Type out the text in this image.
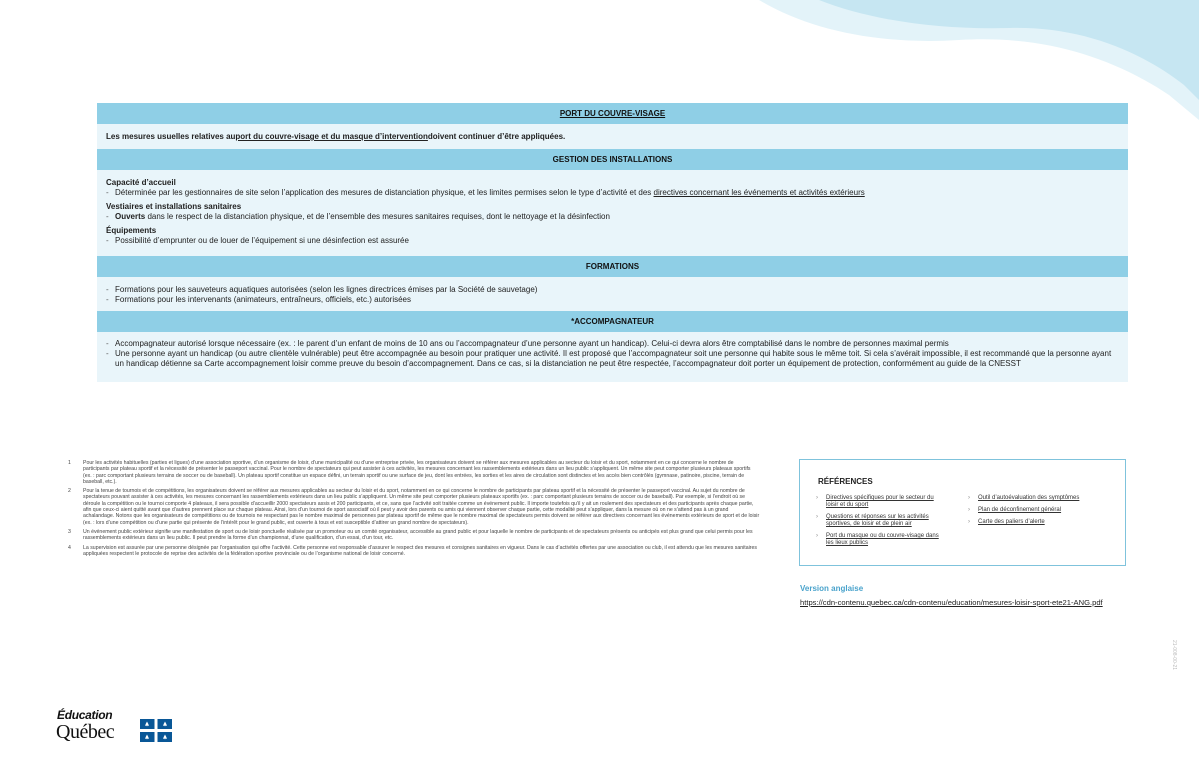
PORT DU COUVRE-VISAGE
Les mesures usuelles relatives au port du couvre-visage et du masque d’intervention doivent continuer d’être appliquées.
GESTION DES INSTALLATIONS

Capacité d’accueil

- Déterminée par les gestionnaires de site selon l’application des mesures de distanciation physique, et les limites permises selon le type d’activité et des directives concernant les événements et activités extérieurs

Vestiaires et installations sanitaires

- Ouverts dans le respect de la distanciation physique, et de l’ensemble des mesures sanitaires requises, dont le nettoyage et la désinfection

Équipements

- Possibilité d’emprunter ou de louer de l’équipement si une désinfection est assurée
FORMATIONS
- Formations pour les sauveteurs aquatiques autorisées (selon les lignes directrices émises par la Société de sauvetage)
- Formations pour les intervenants (animateurs, entraîneurs, officiels, etc.) autorisées
*ACCOMPAGNATEUR
- Accompagnateur autorisé lorsque nécessaire (ex. : le parent d’un enfant de moins de 10 ans ou l’accompagnateur d’une personne ayant un handicap). Celui-ci devra alors être comptabilisé dans le nombre de personnes maximal permis
- Une personne ayant un handicap (ou autre clientèle vulnérable) peut être accompagnée au besoin pour pratiquer une activité. Il est proposé que l’accompagnateur soit une personne qui habite sous le même toit. Si cela s’avérait impossible, il est recommandé que la personne ayant un handicap détienne sa Carte accompagnement loisir comme preuve du besoin d’accompagnement. Dans ce cas, si la distanciation ne peut être respectée, l’accompagnateur doit porter un équipement de protection, conformément au guide de la CNESST
1	Pour les activités habituelles (parties et ligues) d’une association sportive, d’un organisme de loisir, d’une municipalité ou d’une entreprise privée, les organisateurs doivent se référer aux mesures applicables au secteur du loisir et du sport, notamment en ce qui concerne le nombre de participants par plateau sportif et la nécessité de présenter le passeport vaccinal. Pour le nombre de spectateurs qui peut assister à ces activités, les mesures concernant les rassemblements extérieurs dans un lieu public s’appliquent. Un même site peut comporter plusieurs plateaux sportifs (ex. : parc comportant plusieurs terrains de soccer ou de baseball). Un plateau sportif constitue un espace défini, un terrain sportif ou une surface de jeu, dont les entrées, les sorties et les aires de circulation sont distinctes et les accès bien contrôlés (gymnase, patinoire, piscine, terrain de baseball, etc.).
2	Pour la tenue de tournois et de compétitions, les organisateurs doivent se référer aux mesures applicables au secteur du loisir et du sport, notamment en ce qui concerne le nombre de participants par plateau sportif et la nécessité de présenter le passeport vaccinal. Au sujet du nombre de spectateurs pouvant assister à ces activités, les mesures concernant les rassemblements extérieurs dans un lieu public s’appliquent. Un même site peut comporter plusieurs plateaux sportifs (ex. : parc comportant plusieurs terrains de soccer ou de baseball). Par exemple, si l’endroit où se déroule la compétition ou le tournoi comporte 4 plateaux, il sera possible d’accueillir 2000 spectateurs assis et 200 participants, et ce, sans que l’activité soit traitée comme un événement public. Il importe toutefois qu’il y ait un roulement des spectateurs et des participants après chaque partie, afin que ceux-ci aient quitté avant que d’autres prennent place sur chaque plateau. Ainsi, lors d’un tournoi de sport associatif où il peut y avoir des parents ou amis qui viennent observer chaque partie, cette modalité peut s’appliquer, dans la mesure où on ne s’attend pas à un grand achalandage. Notons que les organisateurs de compétitions ou de tournois ne respectant pas le nombre maximal de personnes par plateau sportif de même que le nombre maximal de spectateurs permis doivent se référer aux directives concernant les événements extérieurs de sport et de loisir (ex. : lors d’une compétition ou d’une partie qui présente de l’intérêt pour le grand public, est ouverte à tous et est susceptible d’attirer un grand nombre de spectateurs).
3	Un événement public extérieur signifie une manifestation de sport ou de loisir ponctuelle réalisée par un promoteur ou un comité organisateur, accessible au grand public et pour laquelle le nombre de participants et de spectateurs présents ou anticipés est plus grand que celui permis pour les rassemblements extérieurs dans un lieu public. Il peut prendre la forme d’un championnat, d’une qualification, d’un essai, d’un tour, etc.
4	La supervision est assurée par une personne désignée par l’organisation qui offre l’activité. Cette personne est responsable d’assurer le respect des mesures et consignes sanitaires en vigueur. Dans le cas d’activités offertes par une association ou club, il est attendu que les mesures sanitaires appliquées respectent le protocole de reprise des activités de la fédération sportive provinciale ou de l’organisme national de loisir concerné.
RÉFÉRENCES
›	Directives spécifiques pour le secteur du loisir et du sport
›	Questions et réponses sur les activités sportives, de loisir et de plein air
›	Port du masque ou du couvre-visage dans les lieux publics
›	Outil d’autoévaluation des symptômes
›	Plan de déconfinement général
›	Carte des paliers d’alerte
Version anglaise
https://cdn-contenu.quebec.ca/cdn-contenu/education/mesures-loisir-sport-ete21-ANG.pdf
21-008-00-21
Éducation
Québec
